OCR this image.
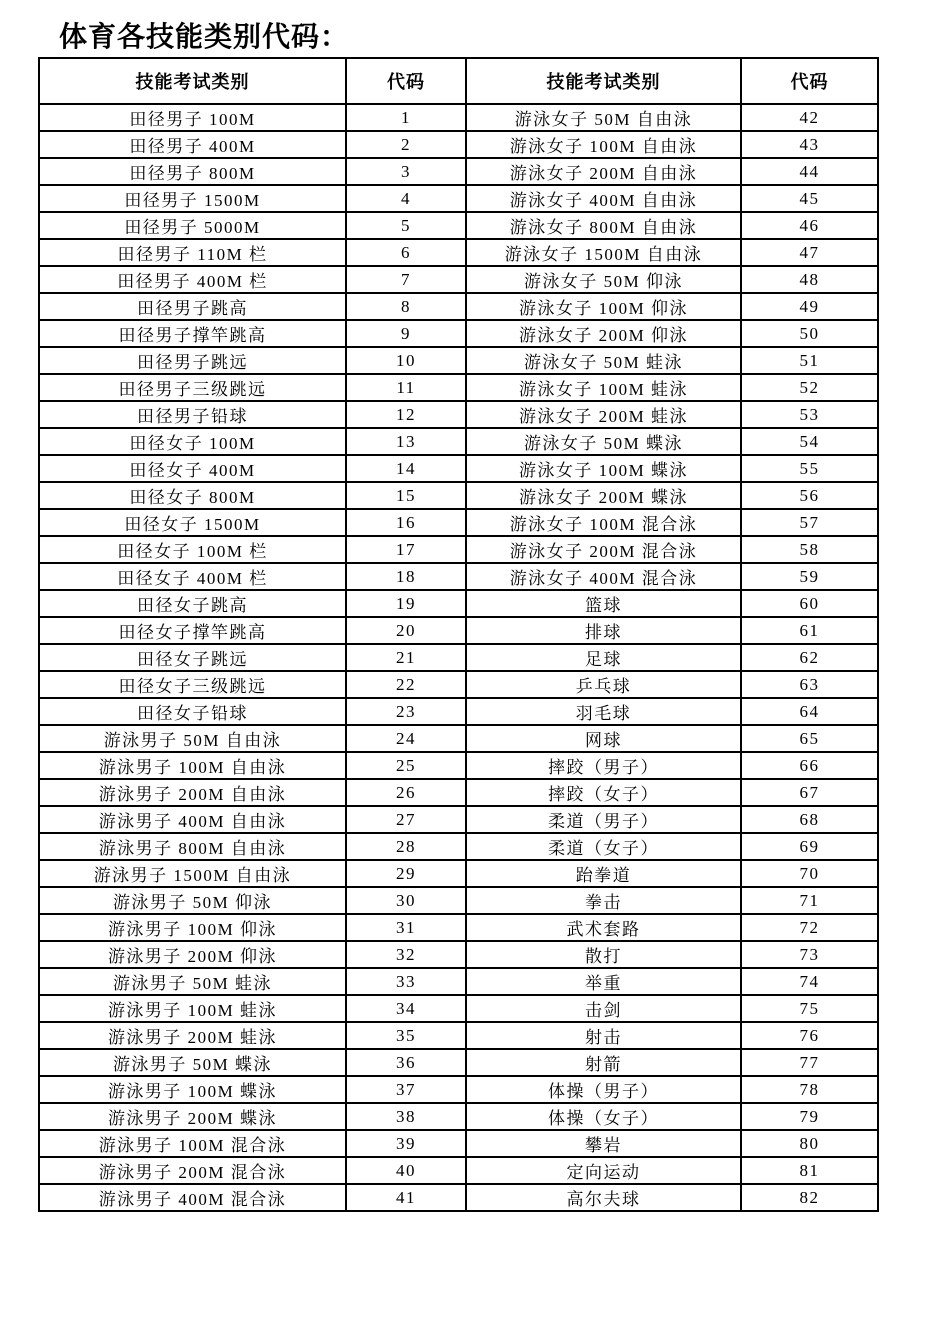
体育各技能类别代码：
技能考试类别	代码	技能考试类别	代码
田径男子 100M	1	游泳女子 50M 自由泳	42
田径男子 400M	2	游泳女子 100M 自由泳	43
田径男子 800M	3	游泳女子 200M 自由泳	44
田径男子 1500M	4	游泳女子 400M 自由泳	45
田径男子 5000M	5	游泳女子 800M 自由泳	46
田径男子 110M 栏	6	游泳女子 1500M 自由泳	47
田径男子 400M 栏	7	游泳女子 50M 仰泳	48
田径男子跳高	8	游泳女子 100M 仰泳	49
田径男子撑竿跳高	9	游泳女子 200M 仰泳	50
田径男子跳远	10	游泳女子 50M 蛙泳	51
田径男子三级跳远	11	游泳女子 100M 蛙泳	52
田径男子铅球	12	游泳女子 200M 蛙泳	53
田径女子 100M	13	游泳女子 50M 蝶泳	54
田径女子 400M	14	游泳女子 100M 蝶泳	55
田径女子 800M	15	游泳女子 200M 蝶泳	56
田径女子 1500M	16	游泳女子 100M 混合泳	57
田径女子 100M 栏	17	游泳女子 200M 混合泳	58
田径女子 400M 栏	18	游泳女子 400M 混合泳	59
田径女子跳高	19	篮球	60
田径女子撑竿跳高	20	排球	61
田径女子跳远	21	足球	62
田径女子三级跳远	22	乒乓球	63
田径女子铅球	23	羽毛球	64
游泳男子 50M 自由泳	24	网球	65
游泳男子 100M 自由泳	25	摔跤（男子）	66
游泳男子 200M 自由泳	26	摔跤（女子）	67
游泳男子 400M 自由泳	27	柔道（男子）	68
游泳男子 800M 自由泳	28	柔道（女子）	69
游泳男子 1500M 自由泳	29	跆拳道	70
游泳男子 50M 仰泳	30	拳击	71
游泳男子 100M 仰泳	31	武术套路	72
游泳男子 200M 仰泳	32	散打	73
游泳男子 50M 蛙泳	33	举重	74
游泳男子 100M 蛙泳	34	击剑	75
游泳男子 200M 蛙泳	35	射击	76
游泳男子 50M 蝶泳	36	射箭	77
游泳男子 100M 蝶泳	37	体操（男子）	78
游泳男子 200M 蝶泳	38	体操（女子）	79
游泳男子 100M 混合泳	39	攀岩	80
游泳男子 200M 混合泳	40	定向运动	81
游泳男子 400M 混合泳	41	高尔夫球	82
